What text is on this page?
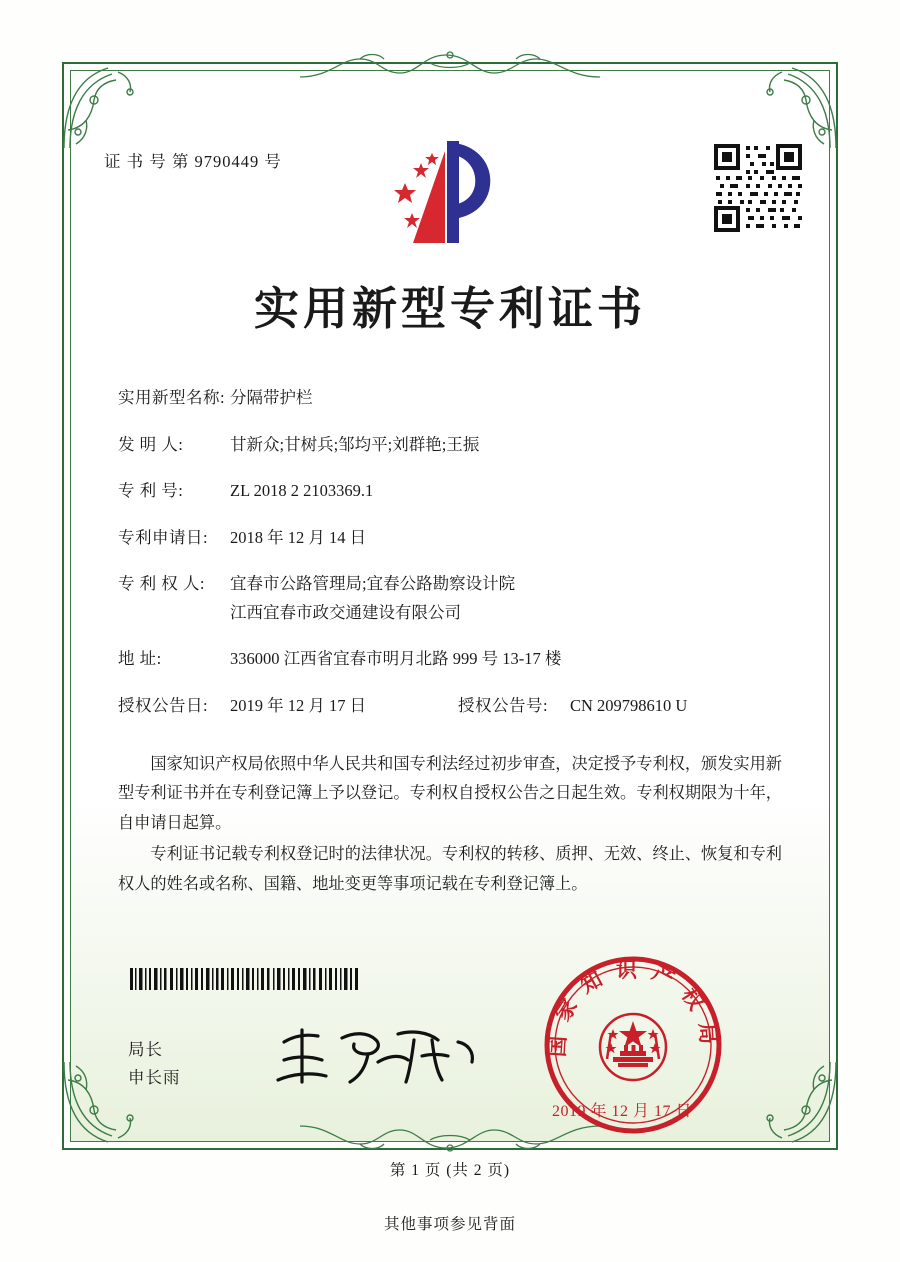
证 书 号 第 9790449 号
实用新型专利证书
实用新型名称: 分隔带护栏
发 明 人:	甘新众;甘树兵;邹均平;刘群艳;王振
专 利 号:	ZL 2018 2 2103369.1
专利申请日:	2018 年 12 月 14 日
专 利 权 人:	宜春市公路管理局;宜春公路勘察设计院
江西宜春市政交通建设有限公司
地 址:	336000 江西省宜春市明月北路 999 号 13-17 楼
授权公告日:	2019 年 12 月 17 日	授权公告号:	CN 209798610 U

国家知识产权局依照中华人民共和国专利法经过初步审查，决定授予专利权，颁发实用新型专利证书并在专利登记簿上予以登记。专利权自授权公告之日起生效。专利权期限为十年，自申请日起算。

专利证书记载专利权登记时的法律状况。专利权的转移、质押、无效、终止、恢复和专利权人的姓名或名称、国籍、地址变更等事项记载在专利登记簿上。

局长
申长雨
国家知识产权局
2019 年 12 月 17 日
第 1 页 (共 2 页)
其他事项参见背面
